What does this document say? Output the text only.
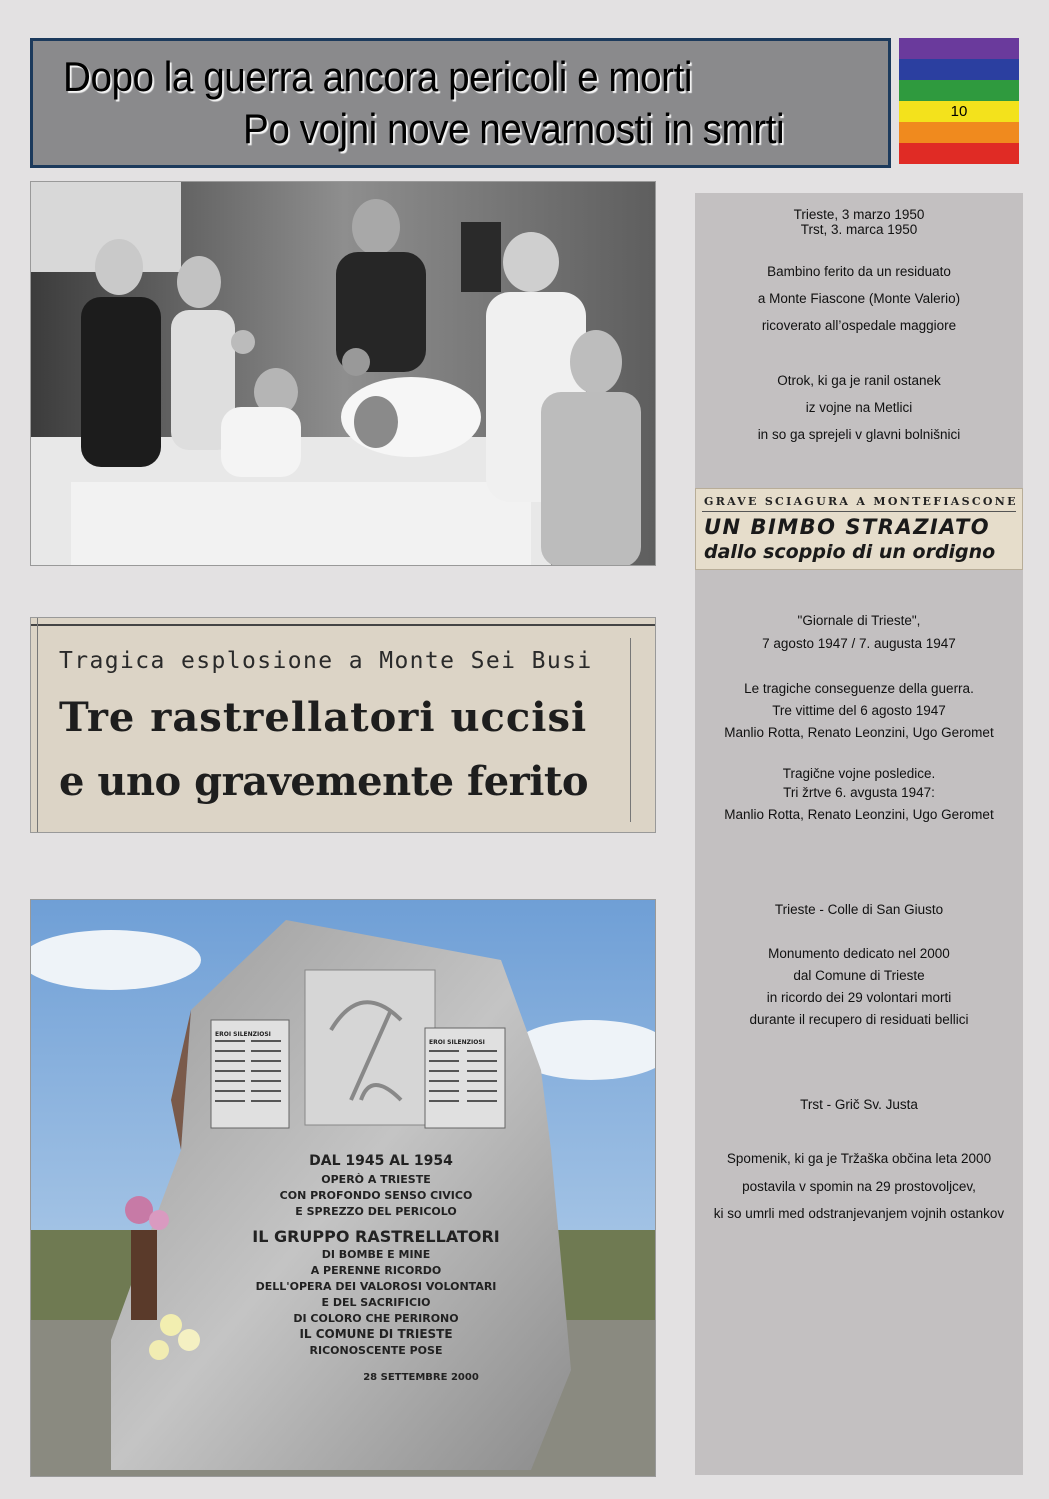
Dopo la guerra ancora pericoli e morti
Po vojni nove nevarnosti in smrti	10
Tragica esplosione a Monte Sei Busi
Tre rastrellatori uccisi
e uno gravemente ferito
EROI SILENZIOSI
EROI SILENZIOSI
DAL 1945 AL 1954
OPERÒ A TRIESTE
CON PROFONDO SENSO CIVICO
E SPREZZO DEL PERICOLO
IL GRUPPO RASTRELLATORI
DI BOMBE E MINE
A PERENNE RICORDO
DELL'OPERA DEI VALOROSI VOLONTARI
E DEL SACRIFICIO
DI COLORO CHE PERIRONO
IL COMUNE DI TRIESTE
RICONOSCENTE POSE
28 SETTEMBRE 2000
Trieste, 3 marzo 1950
Trst, 3. marca 1950
Bambino ferito da un residuato
a Monte Fiascone (Monte Valerio)
ricoverato all’ospedale maggiore
Otrok, ki ga je ranil ostanek
iz vojne na Metlici
in so ga sprejeli v glavni bolnišnici
"Giornale di Trieste",
7 agosto 1947 / 7. augusta 1947
Le tragiche conseguenze della guerra.
Tre vittime del 6 agosto 1947
Manlio Rotta, Renato Leonzini, Ugo Geromet
Tragične vojne posledice.
Tri žrtve 6. avgusta 1947:
Manlio Rotta, Renato Leonzini, Ugo Geromet
Trieste - Colle di San Giusto
Monumento dedicato nel 2000
dal Comune di Trieste
in ricordo dei 29 volontari morti
durante il recupero di residuati bellici
Trst - Grič Sv. Justa
Spomenik, ki ga je Tržaška občina leta 2000
postavila v spomin na 29 prostovoljcev,
ki so umrli med odstranjevanjem vojnih ostankov
GRAVE SCIAGURA A MONTEFIASCONE
UN BIMBO STRAZIATO
dallo scoppio di un ordigno
